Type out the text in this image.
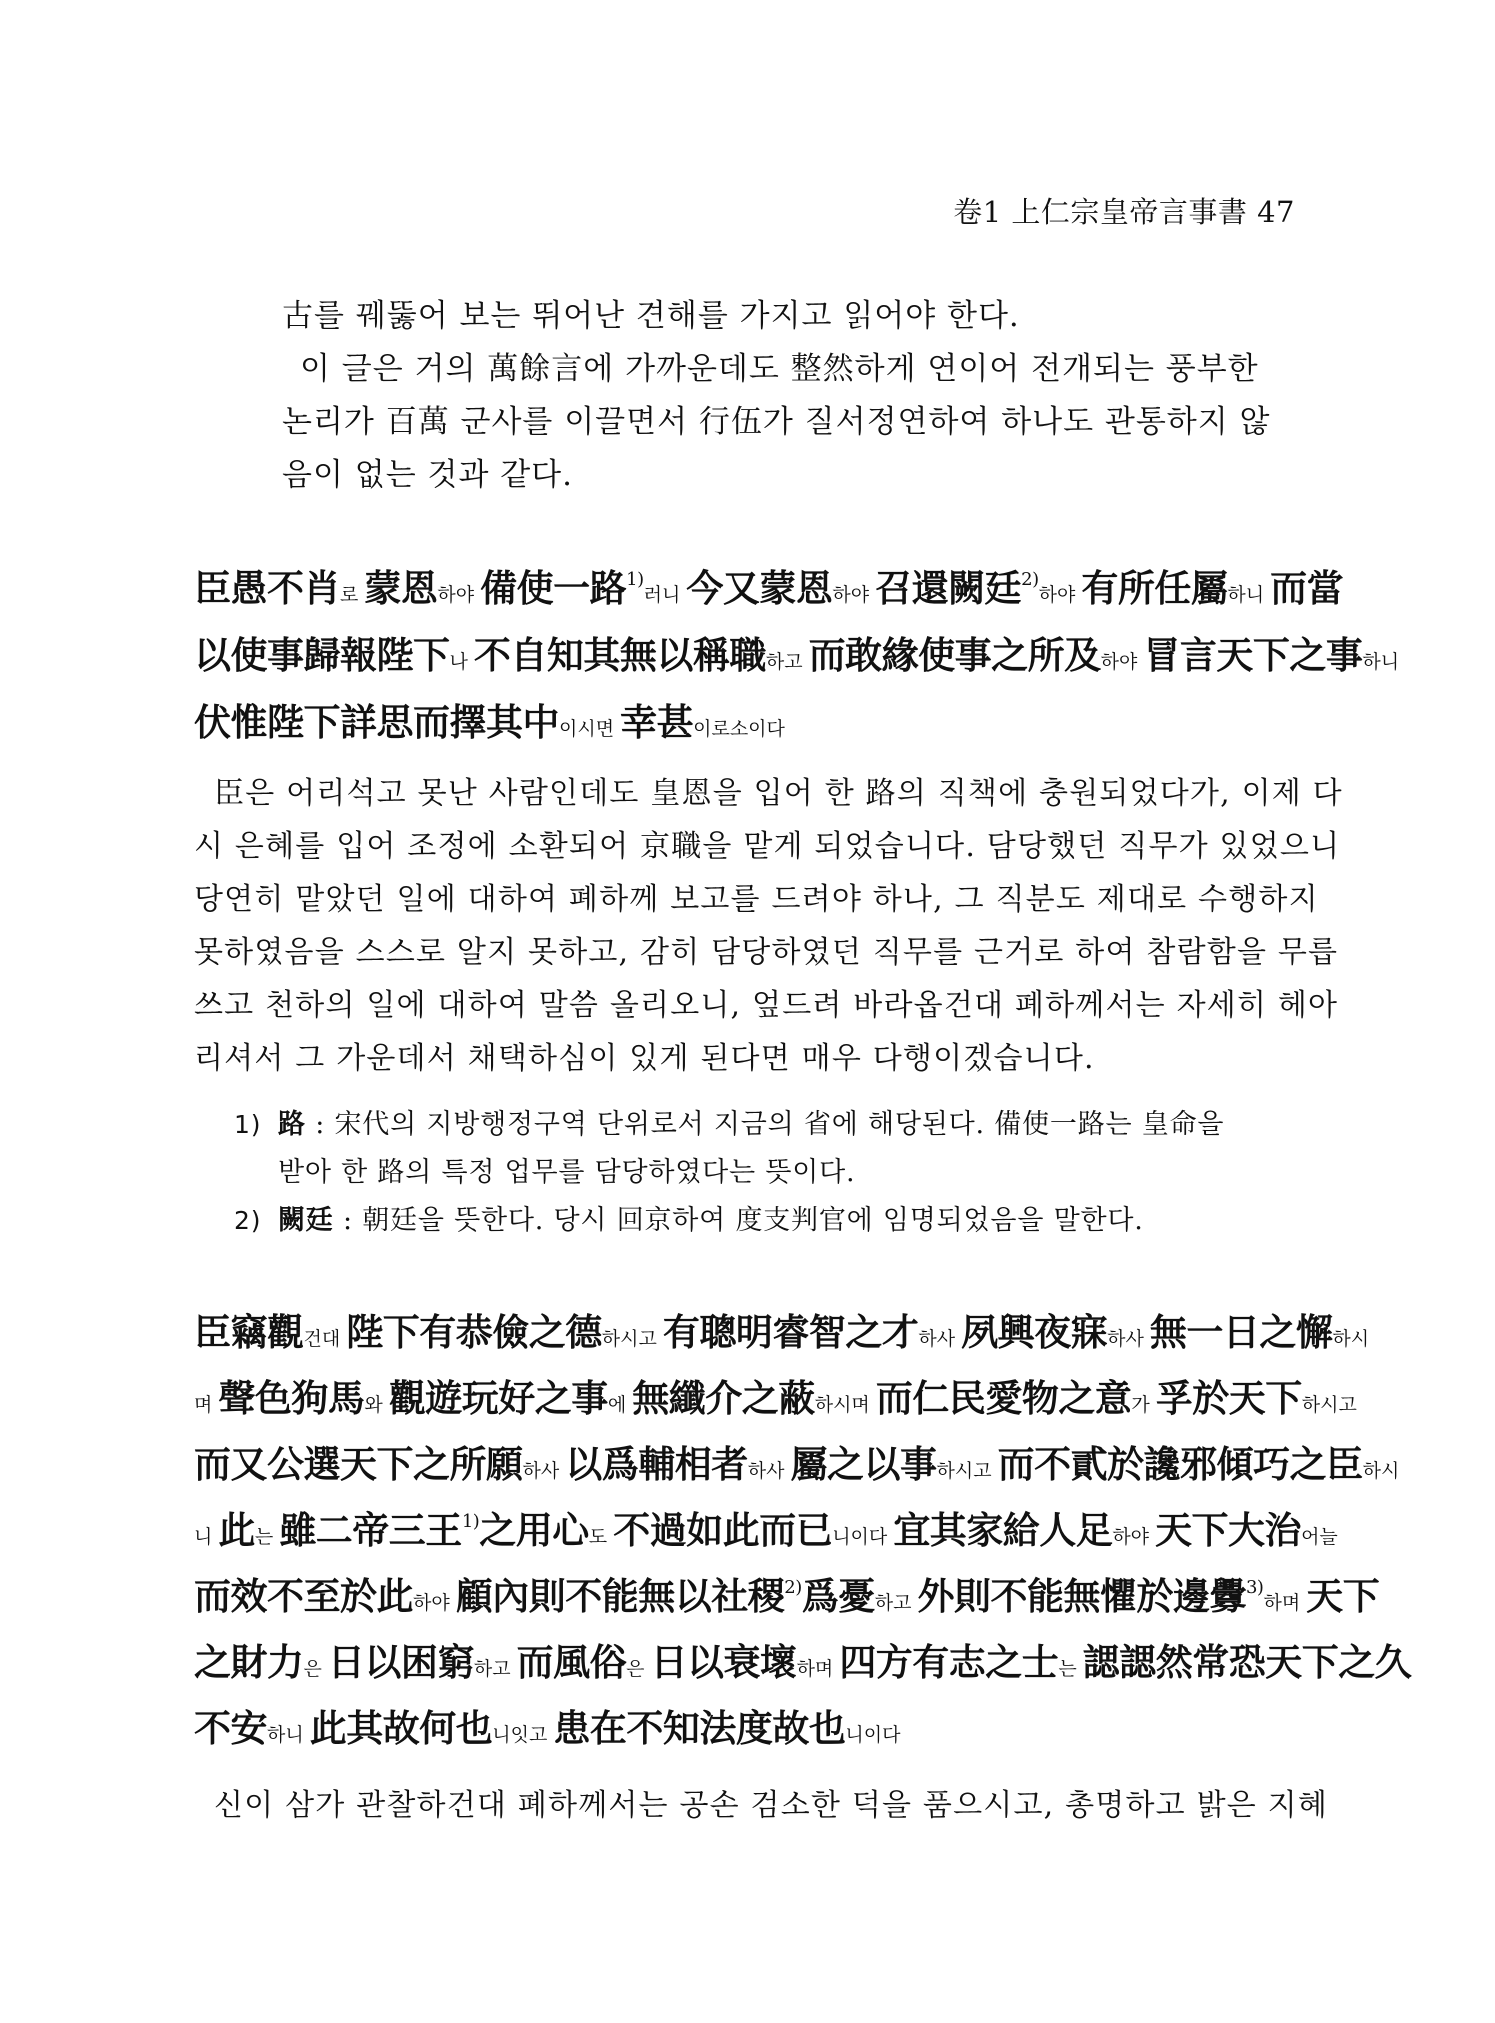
卷1 上仁宗皇帝言事書 47
古를 꿰뚫어 보는 뛰어난 견해를 가지고 읽어야 한다.
이 글은 거의 萬餘言에 가까운데도 整然하게 연이어 전개되는 풍부한
논리가 百萬 군사를 이끌면서 行伍가 질서정연하여 하나도 관통하지 않
음이 없는 것과 같다.
臣愚不肖로 蒙恩하야 備使一路$^{1)}$러니 今又蒙恩하야 召還闕廷$^{2)}$하야 有所任屬하니 而當
以使事歸報陛下나 不自知其無以稱職하고 而敢緣使事之所及하야 冒言天下之事하니
伏惟陛下詳思而擇其中이시면 幸甚이로소이다
臣은 어리석고 못난 사람인데도 皇恩을 입어 한 路의 직책에 충원되었다가, 이제 다
시 은혜를 입어 조정에 소환되어 京職을 맡게 되었습니다. 담당했던 직무가 있었으니
당연히 맡았던 일에 대하여 폐하께 보고를 드려야 하나, 그 직분도 제대로 수행하지
못하였음을 스스로 알지 못하고, 감히 담당하였던 직무를 근거로 하여 참람함을 무릅
쓰고 천하의 일에 대하여 말씀 올리오니, 엎드려 바라옵건대 폐하께서는 자세히 헤아
리셔서 그 가운데서 채택하심이 있게 된다면 매우 다행이겠습니다.
1) 路 : 宋代의 지방행정구역 단위로서 지금의 省에 해당된다. 備使一路는 皇命을
받아 한 路의 특정 업무를 담당하였다는 뜻이다.
2) 闕廷 : 朝廷을 뜻한다. 당시 回京하여 度支判官에 임명되었음을 말한다.
臣竊觀건대 陛下有恭儉之德하시고 有聰明睿智之才하사 夙興夜寐하사 無一日之懈하시
며 聲色狗馬와 觀遊玩好之事에 無纖介之蔽하시며 而仁民愛物之意가 孚於天下하시고
而又公選天下之所願하사 以爲輔相者하사 屬之以事하시고 而不貳於讒邪傾巧之臣하시
니 此는 雖二帝三王$^{1)}$之用心도 不過如此而已니이다 宜其家給人足하야 天下大治어늘
而效不至於此하야 顧內則不能無以社稷$^{2)}$爲憂하고 外則不能無懼於邊釁$^{3)}$하며 天下
之財力은 日以困窮하고 而風俗은 日以衰壞하며 四方有志之士는 諰諰然常恐天下之久
不安하니 此其故何也니잇고 患在不知法度故也니이다
신이 삼가 관찰하건대 폐하께서는 공손 검소한 덕을 품으시고, 총명하고 밝은 지혜
